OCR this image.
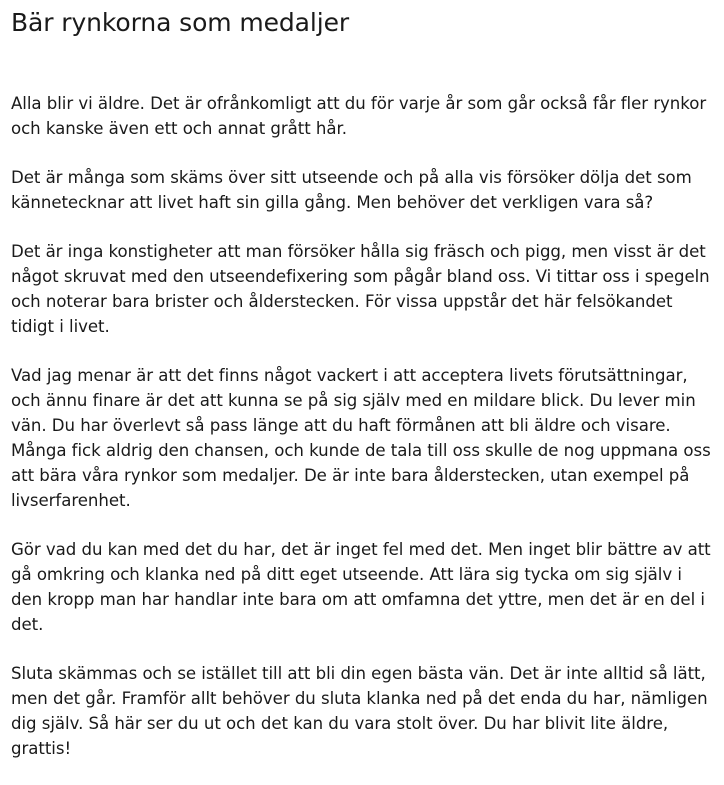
Bär rynkorna som medaljer

Alla blir vi äldre. Det är ofrånkomligt att du för varje år som går också får fler rynkor och kanske även ett och annat grått hår.

Det är många som skäms över sitt utseende och på alla vis försöker dölja det som kännetecknar att livet haft sin gilla gång. Men behöver det verkligen vara så?

Det är inga konstigheter att man försöker hålla sig fräsch och pigg, men visst är det något skruvat med den utseendefixering som pågår bland oss. Vi tittar oss i spegeln och noterar bara brister och ålderstecken. För vissa uppstår det här felsökandet tidigt i livet.

Vad jag menar är att det finns något vackert i att acceptera livets förutsättningar, och ännu finare är det att kunna se på sig själv med en mildare blick. Du lever min vän. Du har överlevt så pass länge att du haft förmånen att bli äldre och visare. Många fick aldrig den chansen, och kunde de tala till oss skulle de nog uppmana oss att bära våra rynkor som medaljer. De är inte bara ålderstecken, utan exempel på livserfarenhet.

Gör vad du kan med det du har, det är inget fel med det. Men inget blir bättre av att gå omkring och klanka ned på ditt eget utseende. Att lära sig tycka om sig själv i den kropp man har handlar inte bara om att omfamna det yttre, men det är en del i det.

Sluta skämmas och se istället till att bli din egen bästa vän. Det är inte alltid så lätt, men det går. Framför allt behöver du sluta klanka ned på det enda du har, nämligen dig själv. Så här ser du ut och det kan du vara stolt över. Du har blivit lite äldre, grattis!
